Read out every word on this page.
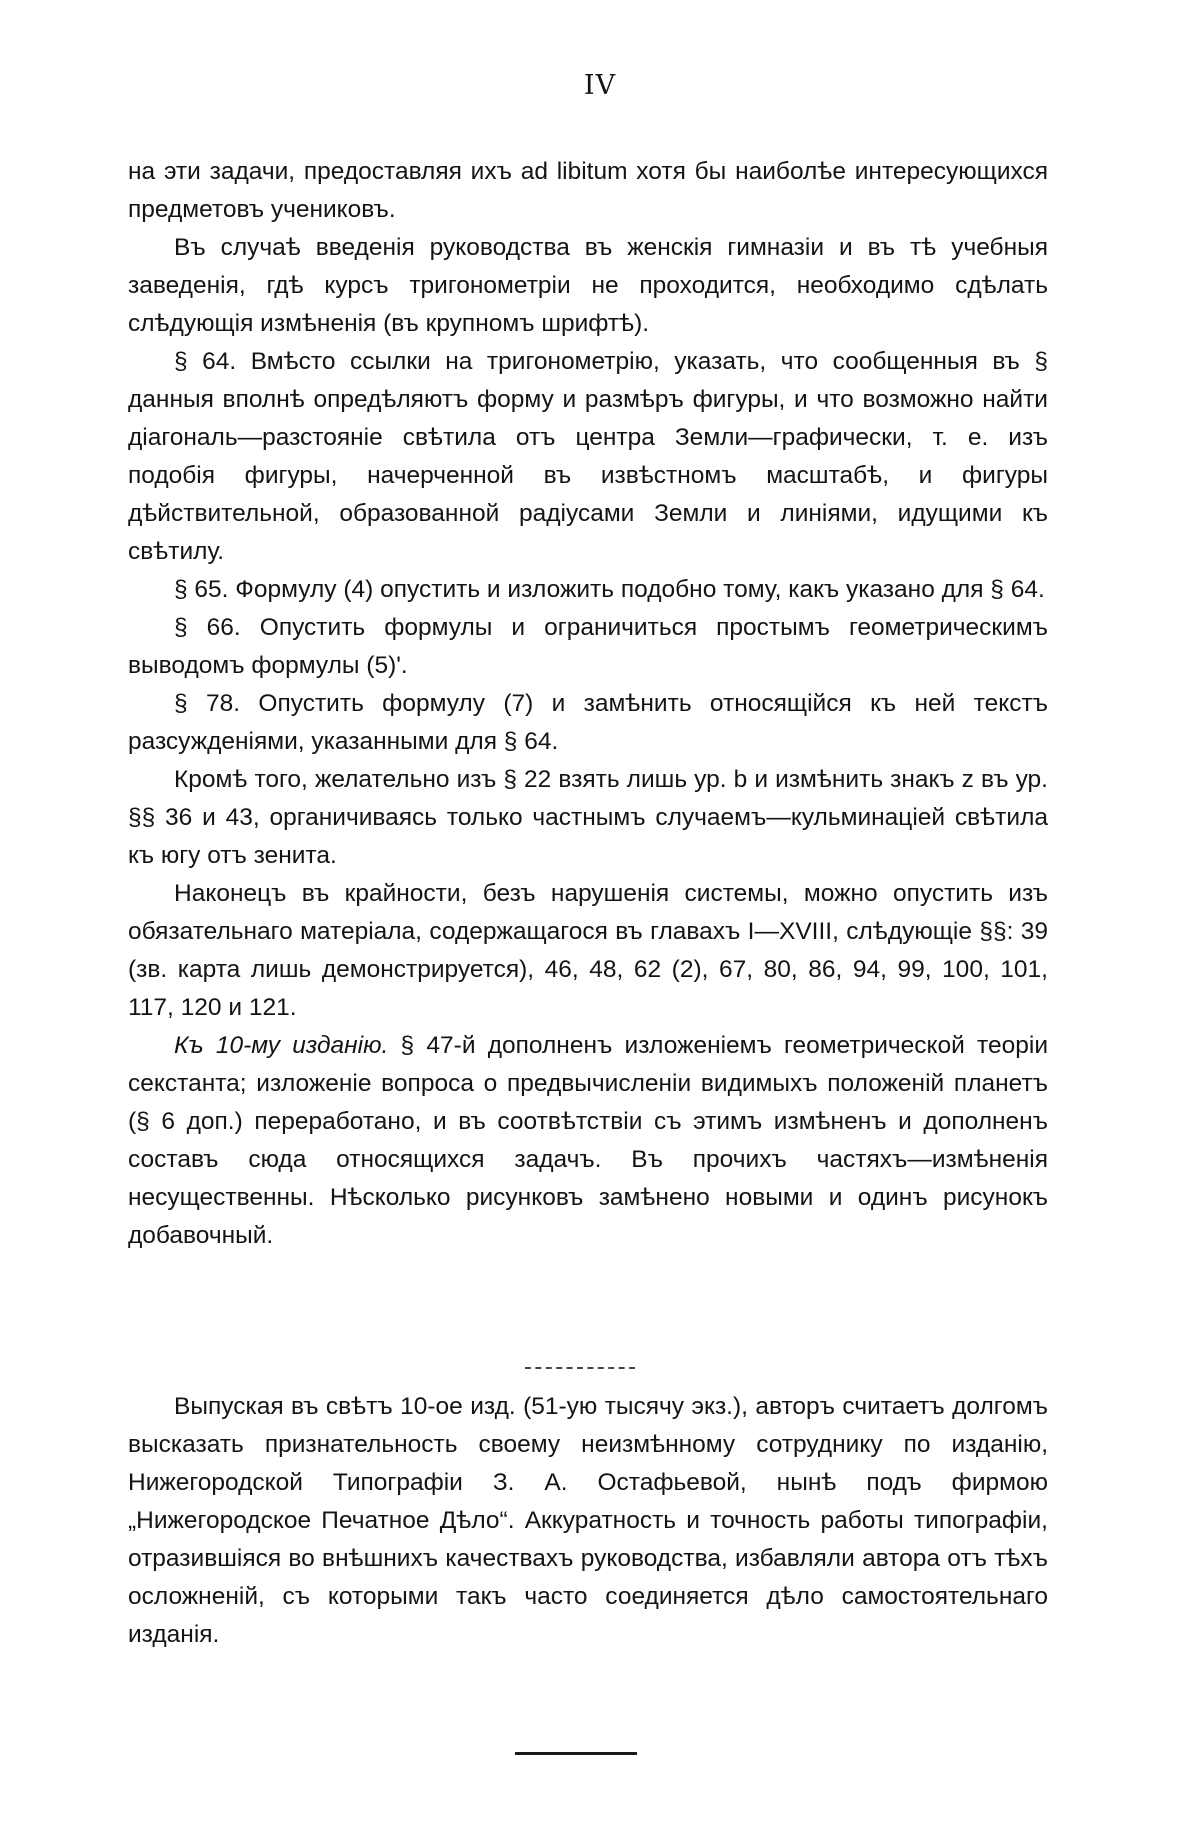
IV

на эти задачи, предоставляя ихъ ad libitum хотя бы наиболѣе интересующихся предметовъ учениковъ.

Въ случаѣ введенія руководства въ женскія гимназіи и въ тѣ учебныя заведенія, гдѣ курсъ тригонометріи не проходится, необходимо сдѣлать слѣдующія измѣненія (въ крупномъ шрифтѣ).

§ 64. Вмѣсто ссылки на тригонометрію, указать, что сообщенныя въ § данныя вполнѣ опредѣляютъ форму и размѣръ фигуры, и что возможно найти діагональ—разстояніе свѣтила отъ центра Земли—графически, т. е. изъ подобія фигуры, начерченной въ извѣстномъ масштабѣ, и фигуры дѣйствительной, образованной радіусами Земли и линіями, идущими къ свѣтилу.

§ 65. Формулу (4) опустить и изложить подобно тому, какъ указано для § 64.

§ 66. Опустить формулы и ограничиться простымъ геометрическимъ выводомъ формулы (5)'.

§ 78. Опустить формулу (7) и замѣнить относящійся къ ней текстъ разсужденіями, указанными для § 64.

Кромѣ того, желательно изъ § 22 взять лишь ур. b и измѣнить знакъ z въ ур. §§ 36 и 43, органичиваясь только частнымъ случаемъ—кульминаціей свѣтила къ югу отъ зенита.

Наконецъ въ крайности, безъ нарушенія системы, можно опустить изъ обязательнаго матеріала, содержащагося въ главахъ I—XVIII, слѣдующіе §§: 39 (зв. карта лишь демонстрируется), 46, 48, 62 (2), 67, 80, 86, 94, 99, 100, 101, 117, 120 и 121.

Къ 10-му изданію. § 47-й дополненъ изложеніемъ геометрической теоріи секстанта; изложеніе вопроса о предвычисленіи видимыхъ положеній планетъ (§ 6 доп.) переработано, и въ соотвѣтствіи съ этимъ измѣненъ и дополненъ составъ сюда относящихся задачъ. Въ прочихъ частяхъ—измѣненія несущественны. Нѣсколько рисунковъ замѣнено новыми и одинъ рисунокъ добавочный.

Выпуская въ свѣтъ 10-ое изд. (51-ую тысячу экз.), авторъ считаетъ долгомъ высказать признательность своему неизмѣнному сотруднику по изданію, Нижегородской Типографіи З. А. Остафьевой, нынѣ подъ фирмою „Нижегородское Печатное Дѣло“. Аккуратность и точность работы типографіи, отразившіяся во внѣшнихъ качествахъ руководства, избавляли автора отъ тѣхъ осложненій, съ которыми такъ часто соединяется дѣло самостоятельнаго изданія.
